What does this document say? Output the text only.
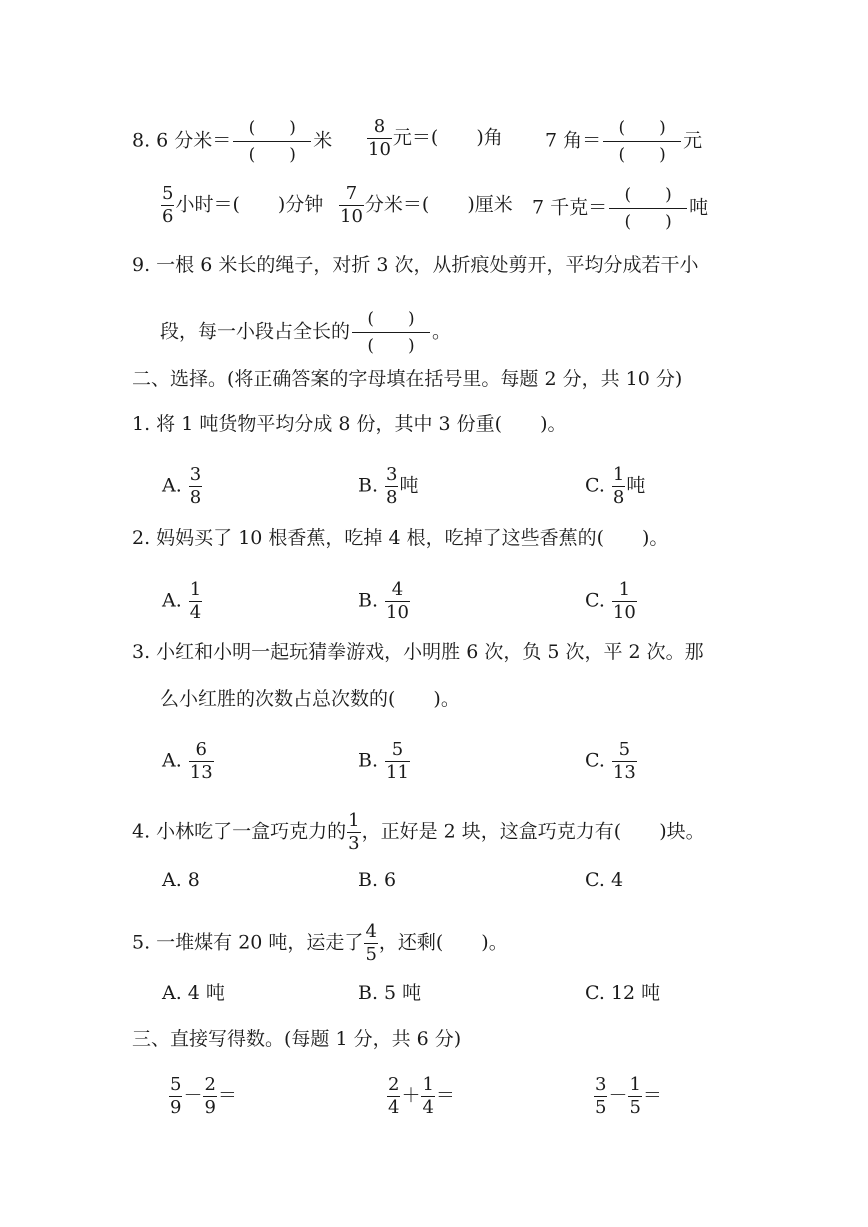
8. 6 分米＝ $\frac{( )}{( )}$ 米 $\frac{8}{10}$ 元＝(　　)角 7 角＝ $\frac{( )}{( )}$ 元
$\frac{5}{6}$ 小时＝(　　)分钟 $\frac{7}{10}$ 分米＝(　　)厘米 7 千克＝ $\frac{( )}{( )}$ 吨
9. 一根 6 米长的绳子，对折 3 次，从折痕处剪开，平均分成若干小
段，每一小段占全长的 $\frac{( )}{( )}$ 。
二、选择。(将正确答案的字母填在括号里。每题 2 分，共 10 分)
1. 将 1 吨货物平均分成 8 份，其中 3 份重(　　)。
A. $\frac{3}{8}$	B. $\frac{3}{8}$ 吨	C. $\frac{1}{8}$ 吨
2. 妈妈买了 10 根香蕉，吃掉 4 根，吃掉了这些香蕉的(　　)。
A. $\frac{1}{4}$	B. $\frac{4}{10}$	C. $\frac{1}{10}$
3. 小红和小明一起玩猜拳游戏，小明胜 6 次，负 5 次，平 2 次。那
么小红胜的次数占总次数的(　　)。
A. $\frac{6}{13}$	B. $\frac{5}{11}$	C. $\frac{5}{13}$
4. 小林吃了一盒巧克力的 $\frac{1}{3}$ ，正好是 2 块，这盒巧克力有(　　)块。
A. 8	B. 6	C. 4
5. 一堆煤有 20 吨，运走了 $\frac{4}{5}$ ，还剩(　　)。
A. 4 吨	B. 5 吨	C. 12 吨
三、直接写得数。(每题 1 分，共 6 分)
$\frac{5}{9} - \frac{2}{9}$ ＝	$\frac{2}{4} + \frac{1}{4}$ ＝	$\frac{3}{5} - \frac{1}{5}$ ＝
